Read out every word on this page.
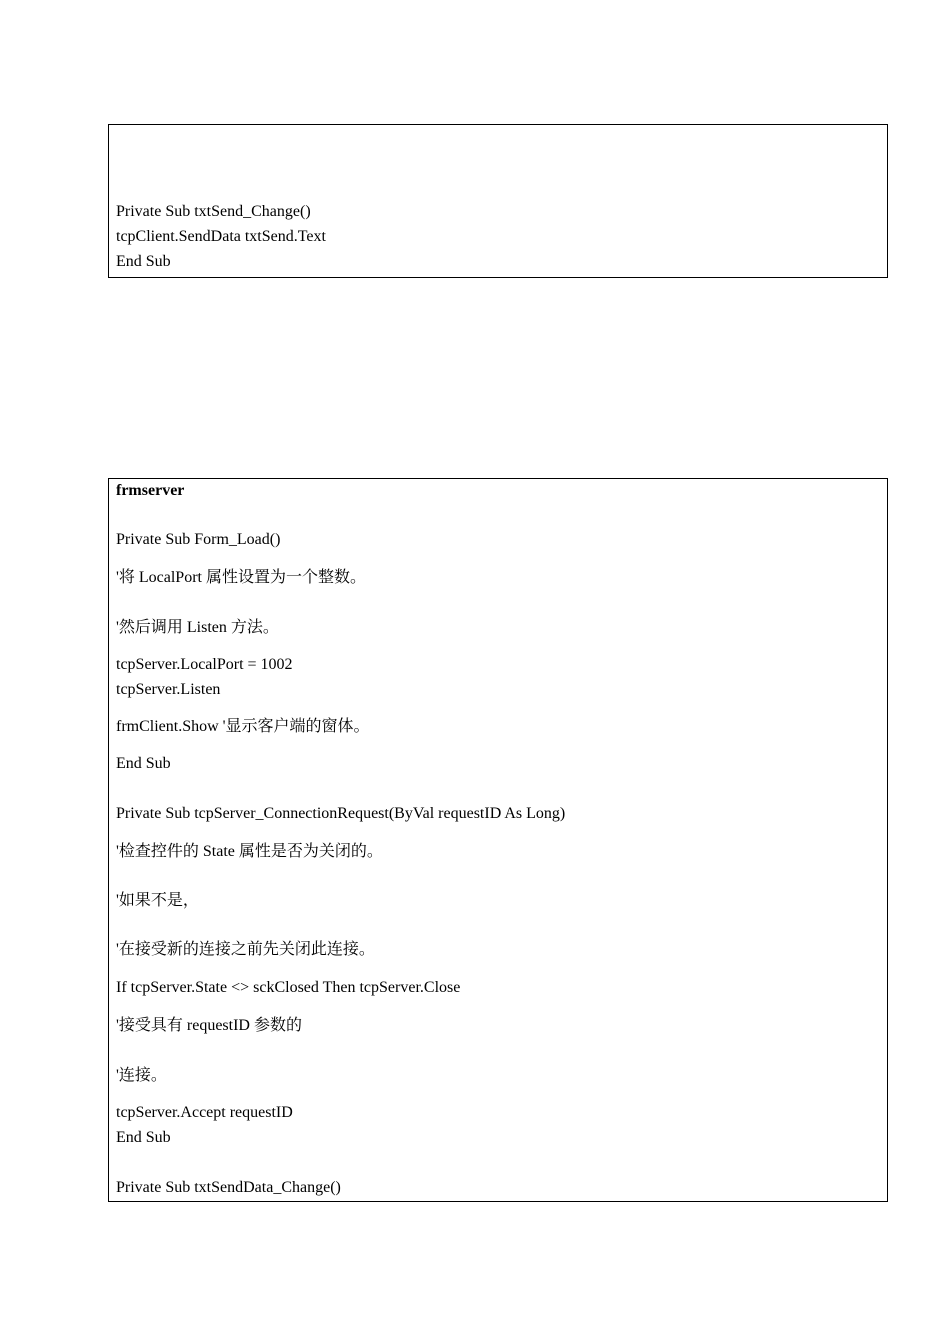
Private Sub txtSend_Change()
tcpClient.SendData txtSend.Text
End Sub
frmserver
Private Sub Form_Load()
'将 LocalPort 属性设置为一个整数。
'然后调用 Listen 方法。
tcpServer.LocalPort = 1002
tcpServer.Listen
frmClient.Show '显示客户端的窗体。
End Sub
Private Sub tcpServer_ConnectionRequest(ByVal requestID As Long)
'检查控件的 State 属性是否为关闭的。
'如果不是，
'在接受新的连接之前先关闭此连接。
If tcpServer.State <> sckClosed Then tcpServer.Close
'接受具有 requestID 参数的
'连接。
tcpServer.Accept requestID
End Sub
Private Sub txtSendData_Change()
